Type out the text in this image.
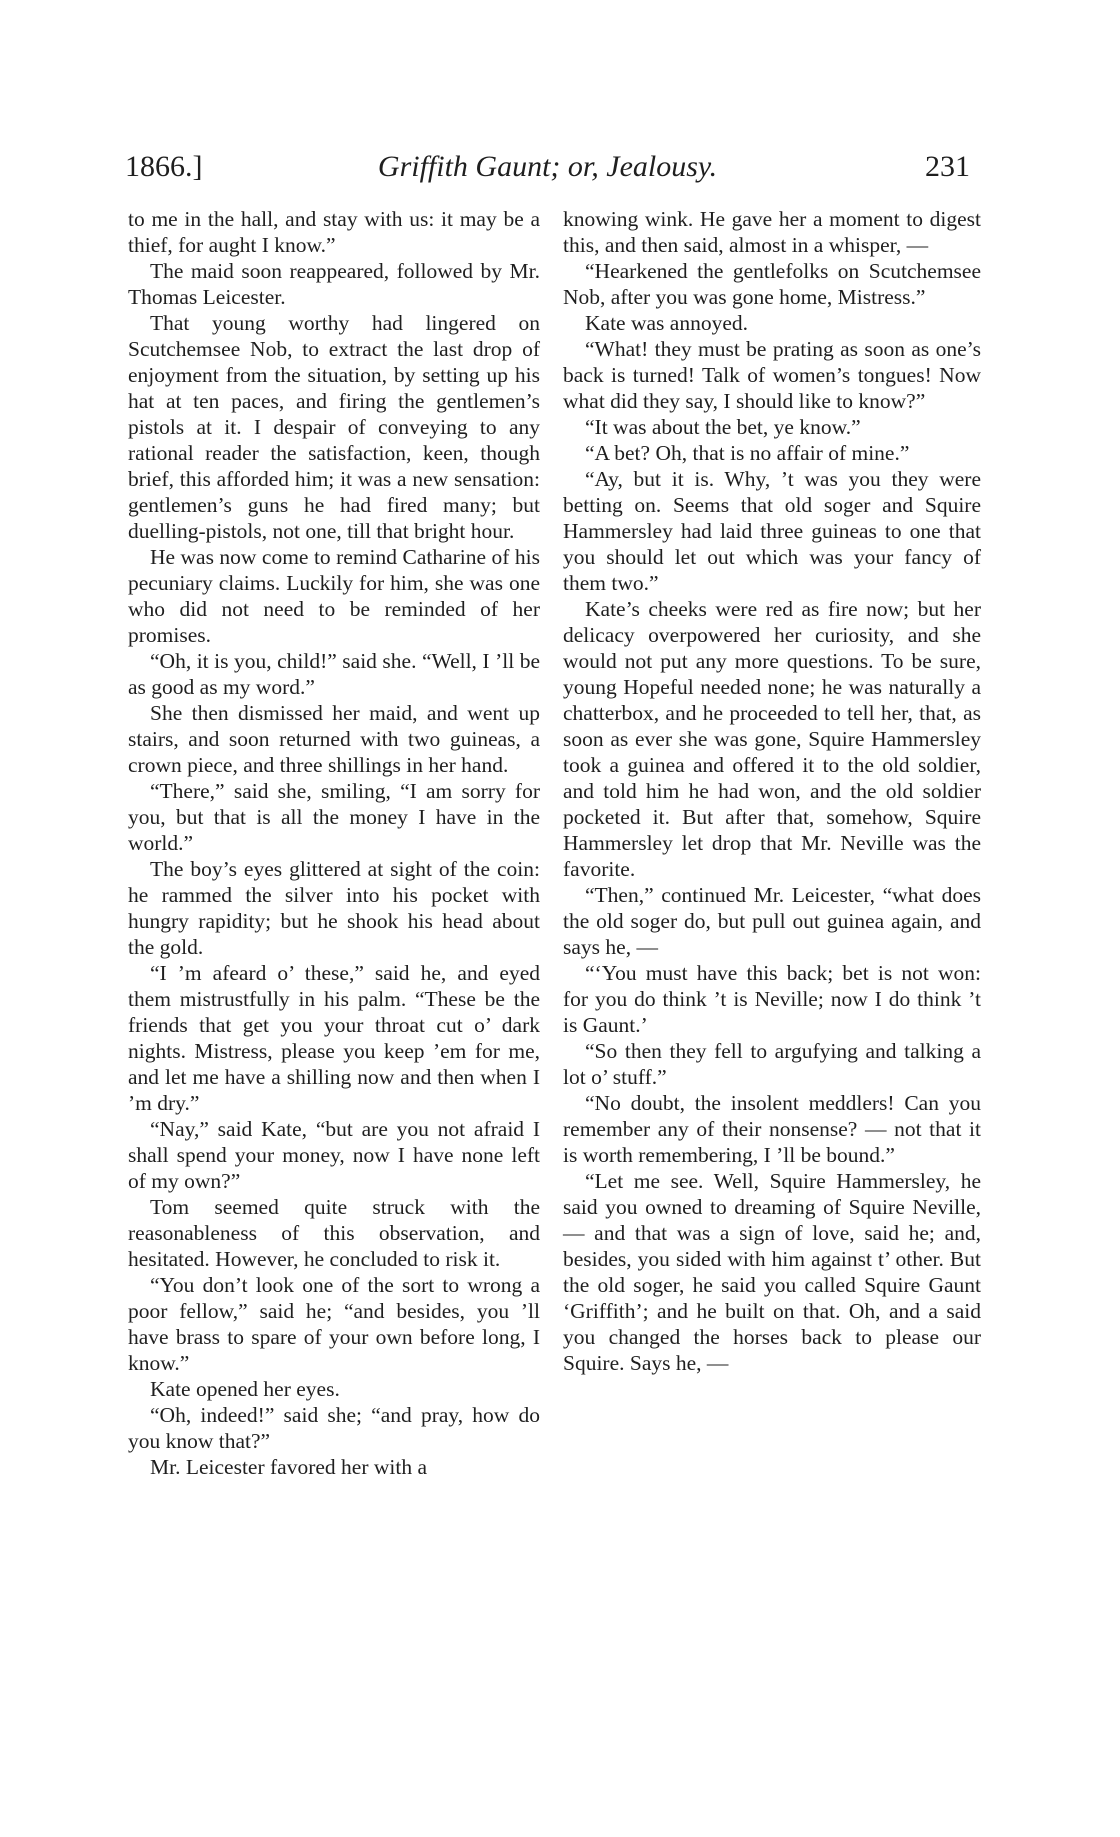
1866.]	Griffith Gaunt; or, Jealousy.	231

to me in the hall, and stay with us: it may be a thief, for aught I know.”

The maid soon reappeared, followed by Mr. Thomas Leicester.

That young worthy had lingered on Scutchemsee Nob, to extract the last drop of enjoyment from the situation, by setting up his hat at ten paces, and firing the gentlemen’s pistols at it. I despair of conveying to any rational reader the satisfaction, keen, though brief, this afforded him; it was a new sensation: gentlemen’s guns he had fired many; but duelling-pistols, not one, till that bright hour.

He was now come to remind Catharine of his pecuniary claims. Luckily for him, she was one who did not need to be reminded of her promises.

“Oh, it is you, child!” said she. “Well, I ’ll be as good as my word.”

She then dismissed her maid, and went up stairs, and soon returned with two guineas, a crown piece, and three shillings in her hand.

“There,” said she, smiling, “I am sorry for you, but that is all the money I have in the world.”

The boy’s eyes glittered at sight of the coin: he rammed the silver into his pocket with hungry rapidity; but he shook his head about the gold.

“I ’m afeard o’ these,” said he, and eyed them mistrustfully in his palm. “These be the friends that get you your throat cut o’ dark nights. Mistress, please you keep ’em for me, and let me have a shilling now and then when I ’m dry.”

“Nay,” said Kate, “but are you not afraid I shall spend your money, now I have none left of my own?”

Tom seemed quite struck with the reasonableness of this observation, and hesitated. However, he concluded to risk it.

“You don’t look one of the sort to wrong a poor fellow,” said he; “and besides, you ’ll have brass to spare of your own before long, I know.”

Kate opened her eyes.

“Oh, indeed!” said she; “and pray, how do you know that?”

Mr. Leicester favored her with a

knowing wink. He gave her a moment to digest this, and then said, almost in a whisper, —

“Hearkened the gentlefolks on Scutchemsee Nob, after you was gone home, Mistress.”

Kate was annoyed.

“What! they must be prating as soon as one’s back is turned! Talk of women’s tongues! Now what did they say, I should like to know?”

“It was about the bet, ye know.”

“A bet? Oh, that is no affair of mine.”

“Ay, but it is. Why, ’t was you they were betting on. Seems that old soger and Squire Hammersley had laid three guineas to one that you should let out which was your fancy of them two.”

Kate’s cheeks were red as fire now; but her delicacy overpowered her curiosity, and she would not put any more questions. To be sure, young Hopeful needed none; he was naturally a chatterbox, and he proceeded to tell her, that, as soon as ever she was gone, Squire Hammersley took a guinea and offered it to the old soldier, and told him he had won, and the old soldier pocketed it. But after that, somehow, Squire Hammersley let drop that Mr. Neville was the favorite.

“Then,” continued Mr. Leicester, “what does the old soger do, but pull out guinea again, and says he, —

“‘You must have this back; bet is not won: for you do think ’t is Neville; now I do think ’t is Gaunt.’

“So then they fell to argufying and talking a lot o’ stuff.”

“No doubt, the insolent meddlers! Can you remember any of their nonsense? — not that it is worth remembering, I ’ll be bound.”

“Let me see. Well, Squire Hammersley, he said you owned to dreaming of Squire Neville, — and that was a sign of love, said he; and, besides, you sided with him against t’ other. But the old soger, he said you called Squire Gaunt ‘Griffith’; and he built on that. Oh, and a said you changed the horses back to please our Squire. Says he, —
